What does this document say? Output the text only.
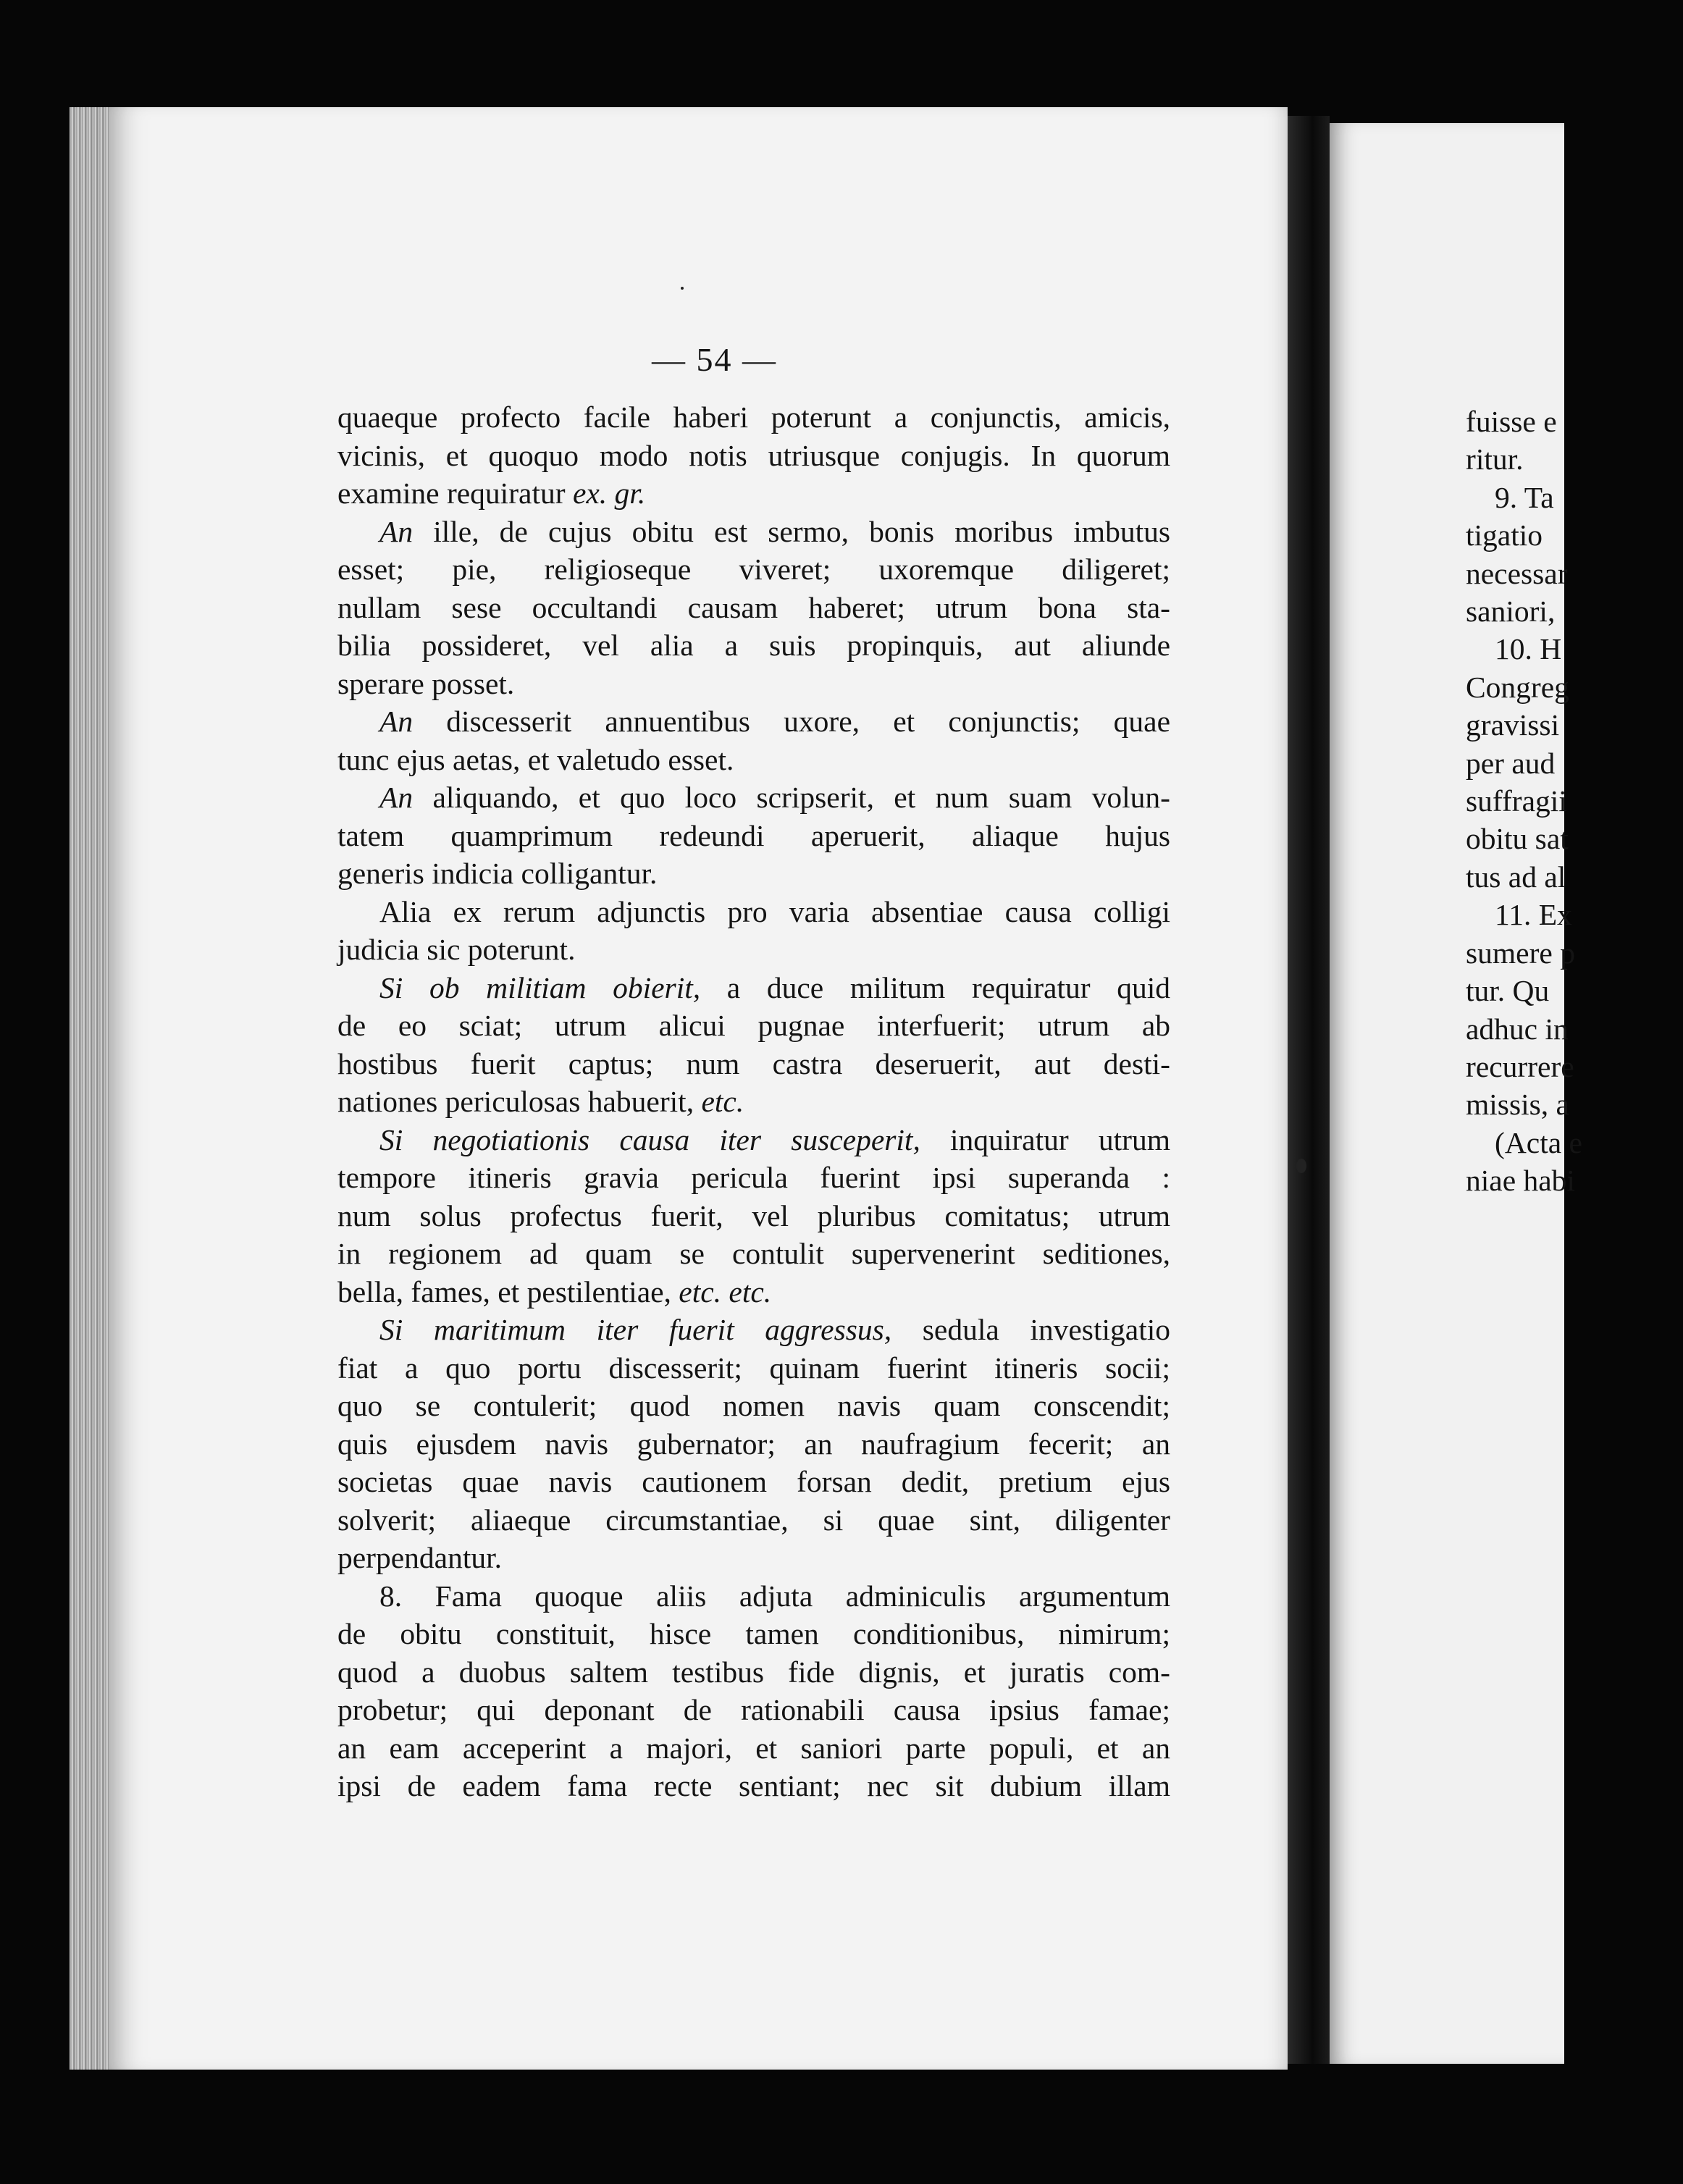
— 54 —
quaeque profecto facile haberi poterunt a conjunctis, amicis,
vicinis, et quoquo modo notis utriusque conjugis. In quorum
examine requiratur ex. gr.
An ille, de cujus obitu est sermo, bonis moribus imbutus
esset; pie, religioseque viveret; uxoremque diligeret;
nullam sese occultandi causam haberet; utrum bona sta-
bilia possideret, vel alia a suis propinquis, aut aliunde
sperare posset.
An discesserit annuentibus uxore, et conjunctis; quae
tunc ejus aetas, et valetudo esset.
An aliquando, et quo loco scripserit, et num suam volun-
tatem quamprimum redeundi aperuerit, aliaque hujus
generis indicia colligantur.
Alia ex rerum adjunctis pro varia absentiae causa colligi
judicia sic poterunt.
Si ob militiam obierit, a duce militum requiratur quid
de eo sciat; utrum alicui pugnae interfuerit; utrum ab
hostibus fuerit captus; num castra deseruerit, aut desti-
nationes periculosas habuerit, etc.
Si negotiationis causa iter susceperit, inquiratur utrum
tempore itineris gravia pericula fuerint ipsi superanda :
num solus profectus fuerit, vel pluribus comitatus; utrum
in regionem ad quam se contulit supervenerint seditiones,
bella, fames, et pestilentiae, etc. etc.
Si maritimum iter fuerit aggressus, sedula investigatio
fiat a quo portu discesserit; quinam fuerint itineris socii;
quo se contulerit; quod nomen navis quam conscendit;
quis ejusdem navis gubernator; an naufragium fecerit; an
societas quae navis cautionem forsan dedit, pretium ejus
solverit; aliaeque circumstantiae, si quae sint, diligenter
perpendantur.
8. Fama quoque aliis adjuta adminiculis argumentum
de obitu constituit, hisce tamen conditionibus, nimirum;
quod a duobus saltem testibus fide dignis, et juratis com-
probetur; qui deponant de rationabili causa ipsius famae;
an eam acceperint a majori, et saniori parte populi, et an
ipsi de eadem fama recte sentiant; nec sit dubium illam
fuisse e
ritur.
9. Ta
tigatio
necessar
saniori,
10. H
Congreg
gravissi
per aud
suffragii
obitu sat
tus ad al
11. Ex
sumere p
tur. Qu
adhuc in
recurrere
missis, a
(Acta e
niae habi
